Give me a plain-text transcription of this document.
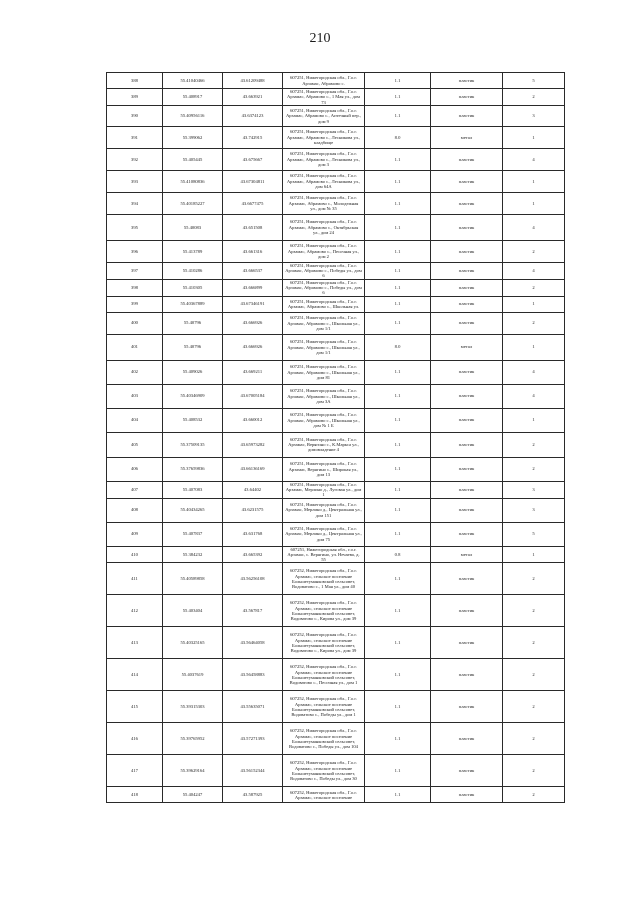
210
388	55.41040466	43.61209488	607251, Нижегородская обл., Г.о.г. Арзамас, Абрамово с.	1.1	пластик	5
389	55.408917	43.663921	607251, Нижегородская обл., Г.о.г. Арзамас, Абрамово с., 1 Мая ул., дом 73	1.1	пластик	2
390	55.40956116	43.6374123	607251, Нижегородская обл., Г.о.г. Арзамас, Абрамово с., Аптечный пер., дом 9	1.1	пластик	3
391	55.399062	43.742915	607251, Нижегородская обл., Г.о.г. Арзамас, Абрамово с., Лесникова ул., кладбище	8.0	метал	1
392	55.405445	43.675667	607251, Нижегородская обл., Г.о.г. Арзамас, Абрамово с., Лесникова ул., дом 3	1.1	пластик	4
393	55.41080836	43.67304811	607251, Нижегородская обл., Г.о.г. Арзамас, Абрамово с., Лесникова ул., дом 64А	1.1	пластик	1
394	55.40185227	43.6677475	607251, Нижегородская обл., Г.о.г. Арзамас, Абрамово с., Молодежная ул., дом № 35	1.1	пластик	1
395	55.40083	43.651508	607251, Нижегородская обл., Г.о.г. Арзамас, Абрамово с., Октябрьская ул., дом 24	1.1	пластик	4
396	55.413789	43.661316	607251, Нижегородская обл., Г.о.г. Арзамас, Абрамово с., Песочная ул., дом 2	1.1	пластик	2
397	55.410286	43.666537	607251, Нижегородская обл., Г.о.г. Арзамас, Абрамово с., Победы ул., дом 6	1.1	пластик	4
398	55.410305	43.666899	607251, Нижегородская обл., Г.о.г. Арзамас, Абрамово с., Победы ул., дом 6	1.1	пластик	2
399	55.40367889	43.67346191	607251, Нижегородская обл., Г.о.г. Арзамас, Абрамово с., Школьная ул.	1.1	пластик	1
400	55.40796	43.666926	607251, Нижегородская обл., Г.о.г. Арзамас, Абрамово с., Школьная ул., дом 1/1	1.1	пластик	2
401	55.40796	43.666926	607251, Нижегородская обл., Г.о.г. Арзамас, Абрамово с., Школьная ул., дом 1/1	8.0	метал	1
402	55.409026	43.669211	607251, Нижегородская обл., Г.о.г. Арзамас, Абрамово с., Школьная ул., дом 81	1.1	пластик	4
403	55.40346909	43.67005184	607251, Нижегородская обл., Г.о.г. Арзамас, Абрамово с., Школьная ул., дом 3А	1.1	пластик	4
404	55.408532	43.660012	607251, Нижегородская обл., Г.о.г. Арзамас, Абрамово с., Школьная ул., дом № 1 Б	1.1	пластик	1
405	55.37509135	43.65973282	607251, Нижегородская обл., Г.о.г. Арзамас, Верягино с., К.Маркса ул., домовладение 4	1.1	пластик	2
406	55.37659836	43.66136169	607251, Нижегородская обл., Г.о.г. Арзамас, Верягино с., Широкая ул., дом 13	1.1	пластик	2
407	55.407083	43.64402	607251, Нижегородская обл., Г.о.г. Арзамас, Мерлино д., Луговая ул., дом 1	1.1	пластик	3
408	55.40434265	43.6231575	607251, Нижегородская обл., Г.о.г. Арзамас, Мерлино д., Центральная ул., дом 151	1.1	пластик	3
409	55.407837	43.631768	607251, Нижегородская обл., Г.о.г. Арзамас, Мерлино д., Центральная ул., дом 75	1.1	пластик	5
410	55.384232	43.665392	607251, Нижегородская обл., г.о.г. Арзамас, с. Верягино, ул. Нечаева, д. 55	0.8	метал	1
411	55.40589858	43.56256108	607252, Нижегородская обл., Г.о.г. Арзамас, сельское поселение Большетуманковский сельсовет, Водоватово с., 1 Мая ул., дом 40	1.1	пластик	2
412	55.403404	43.567817	607252, Нижегородская обл., Г.о.г. Арзамас, сельское поселение Большетуманковский сельсовет, Водоватово с., Кирова ул., дом 39	1.1	пластик	2
413	55.40325165	43.56464058	607252, Нижегородская обл., Г.о.г. Арзамас, сельское поселение Большетуманковский сельсовет, Водоватово с., Кирова ул., дом 39	1.1	пластик	2
414	55.4037619	43.56458883	607252, Нижегородская обл., Г.о.г. Арзамас, сельское поселение Большетуманковский сельсовет, Водоватово с., Песочная ул., дом 1	1.1	пластик	2
415	55.39315303	43.55635071	607252, Нижегородская обл., Г.о.г. Арзамас, сельское поселение Большетуманковский сельсовет, Водоватово с., Победы ул., дом 1	1.1	пластик	2
416	55.39765952	43.57271393	607252, Нижегородская обл., Г.о.г. Арзамас, сельское поселение Большетуманковский сельсовет, Водоватово с., Победы ул., дом 104	1.1	пластик	2
417	55.39629164	43.56152344	607252, Нижегородская обл., Г.о.г. Арзамас, сельское поселение Большетуманковский сельсовет, Водоватово с., Победы ул., дом 30	1.1	пластик	2
418	55.404247	43.587925	607252, Нижегородская обл., Г.о.г. Арзамас, сельское поселение	1.1	пластик	2
